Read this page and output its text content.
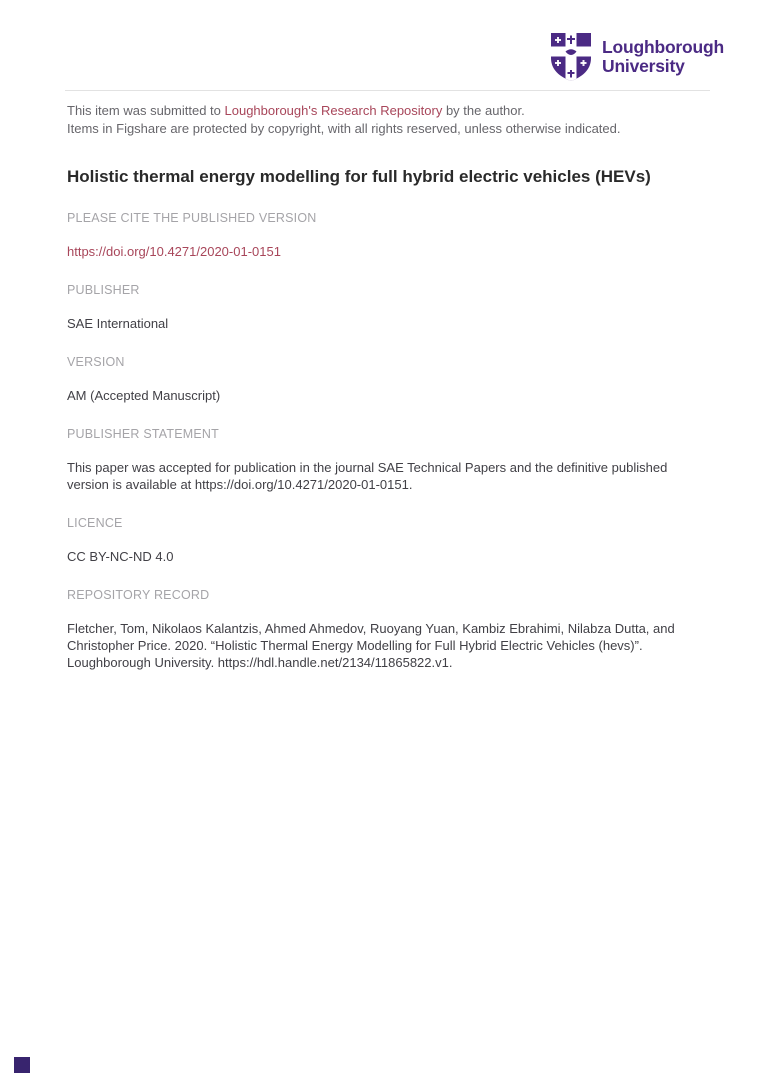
Loughborough
University
This item was submitted to Loughborough's Research Repository by the author.
Items in Figshare are protected by copyright, with all rights reserved, unless otherwise indicated.
Holistic thermal energy modelling for full hybrid electric vehicles (HEVs)
PLEASE CITE THE PUBLISHED VERSION

https://doi.org/10.4271/2020-01-0151

PUBLISHER

SAE International

VERSION

AM (Accepted Manuscript)

PUBLISHER STATEMENT

This paper was accepted for publication in the journal SAE Technical Papers and the definitive published version is available at https://doi.org/10.4271/2020-01-0151.

LICENCE

CC BY-NC-ND 4.0

REPOSITORY RECORD

Fletcher, Tom, Nikolaos Kalantzis, Ahmed Ahmedov, Ruoyang Yuan, Kambiz Ebrahimi, Nilabza Dutta, and Christopher Price. 2020. “Holistic Thermal Energy Modelling for Full Hybrid Electric Vehicles (hevs)”. Loughborough University. https://hdl.handle.net/2134/11865822.v1.
